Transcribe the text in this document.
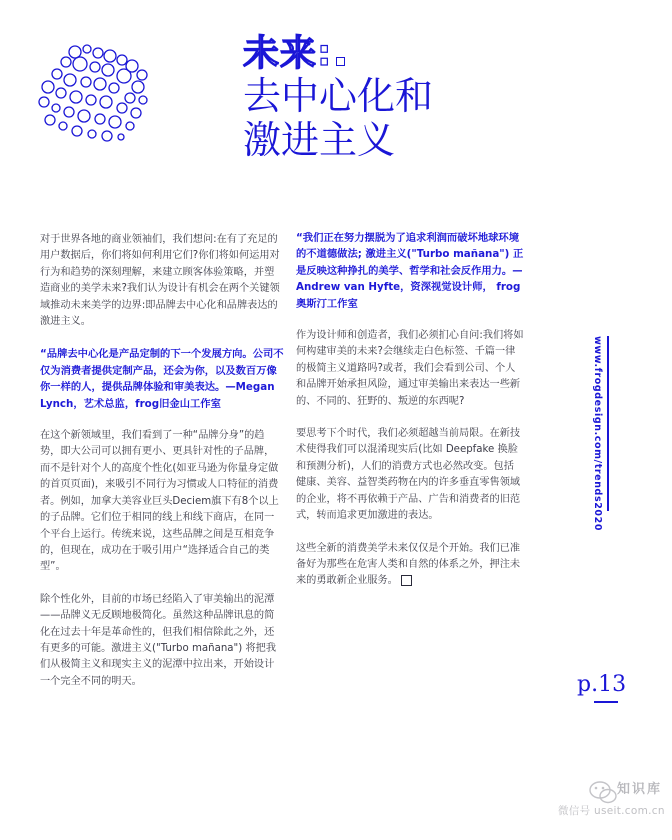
未来:
去中心化和
激进主义

对于世界各地的商业领袖们，我们想问:在有了充足的用户数据后，你们将如何利用它们?你们将如何运用对行为和趋势的深刻理解，来建立顾客体验策略，并塑造商业的美学未来?我们认为设计有机会在两个关键领域推动未来美学的边界:即品牌去中心化和品牌表达的激进主义。

“品牌去中心化是产品定制的下一个发展方向。公司不仅为消费者提供定制产品，还会为你，以及数百万像你一样的人，提供品牌体验和审美表达。—Megan Lynch，艺术总监，frog旧金山工作室

在这个新领域里，我们看到了一种“品牌分身”的趋势，即大公司可以拥有更小、更具针对性的子品牌，而不是针对个人的高度个性化(如亚马逊为你量身定做的首页页面)，来吸引不同行为习惯或人口特征的消费者。例如，加拿大美容业巨头Deciem旗下有8个以上的子品牌。它们位于相同的线上和线下商店，在同一个平台上运行。传统来说，这些品牌之间是互相竞争的，但现在，成功在于吸引用户“选择适合自己的类型”。

除个性化外，目前的市场已经陷入了审美输出的泥潭——品牌义无反顾地极简化。虽然这种品牌讯息的简化在过去十年是革命性的，但我们相信除此之外，还有更多的可能。激进主义("Turbo mañana") 将把我们从极简主义和现实主义的泥潭中拉出来，开始设计一个完全不同的明天。

“我们正在努力摆脱为了追求利润而破坏地球环境的不道德做法; 激进主义("Turbo mañana") 正是反映这种挣扎的美学、哲学和社会反作用力。—Andrew van Hyfte，资深视觉设计师， frog 奥斯汀工作室

作为设计师和创造者，我们必须扪心自问:我们将如何构建审美的未来?会继续走白色标签、千篇一律的极简主义道路吗?或者，我们会看到公司、个人和品牌开始承担风险，通过审美输出来表达一些新的、不同的、狂野的、叛逆的东西呢?

要思考下个时代，我们必须超越当前局限。在新技术使得我们可以混淆现实后(比如 Deepfake 换脸和预测分析)，人们的消费方式也必然改变。包括健康、美容、益智类药物在内的许多垂直零售领域的企业，将不再依赖于产品、广告和消费者的旧范式，转而追求更加激进的表达。

这些全新的消费美学未来仅仅是个开始。我们已准备好为那些在危害人类和自然的体系之外，押注未来的勇敢新企业服务。

www.frogdesign.com/trends2020
p.13
知识库
微信号 useit.com.cn
